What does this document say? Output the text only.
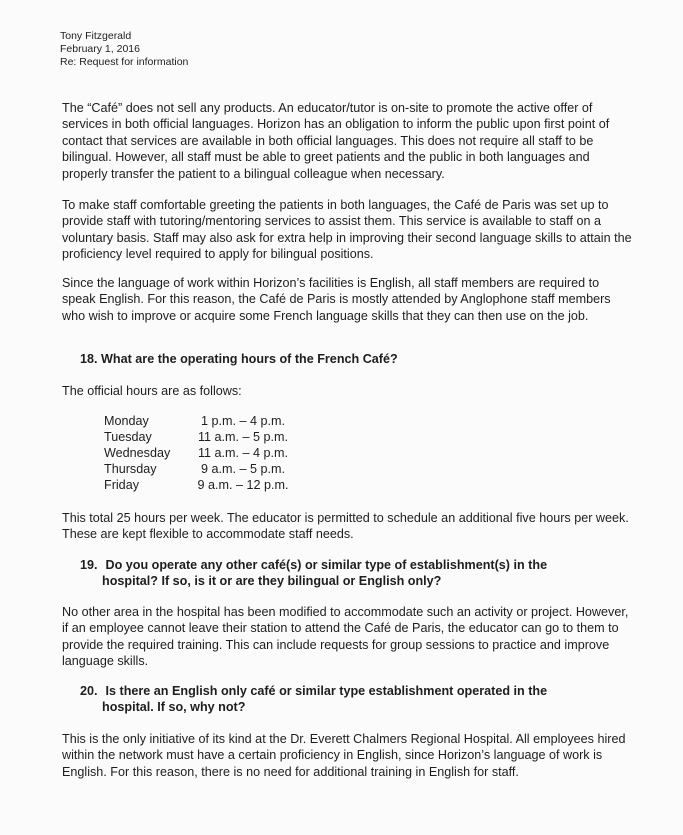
Tony Fitzgerald
February 1, 2016
Re: Request for information

The “Café” does not sell any products. An educator/tutor is on-site to promote the active offer of services in both official languages. Horizon has an obligation to inform the public upon first point of contact that services are available in both official languages. This does not require all staff to be bilingual. However, all staff must be able to greet patients and the public in both languages and properly transfer the patient to a bilingual colleague when necessary.

To make staff comfortable greeting the patients in both languages, the Café de Paris was set up to provide staff with tutoring/mentoring services to assist them. This service is available to staff on a voluntary basis. Staff may also ask for extra help in improving their second language skills to attain the proficiency level required to apply for bilingual positions.

Since the language of work within Horizon’s facilities is English, all staff members are required to speak English. For this reason, the Café de Paris is mostly attended by Anglophone staff members who wish to improve or acquire some French language skills that they can then use on the job.

18. What are the operating hours of the French Café?

The official hours are as follows:

Monday	1 p.m. – 4 p.m.
Tuesday	11 a.m. – 5 p.m.
Wednesday	11 a.m. – 4 p.m.
Thursday	9 a.m. – 5 p.m.
Friday	9 a.m. – 12 p.m.

This total 25 hours per week. The educator is permitted to schedule an additional five hours per week. These are kept flexible to accommodate staff needs.

19. Do you operate any other café(s) or similar type of establishment(s) in the
hospital? If so, is it or are they bilingual or English only?

No other area in the hospital has been modified to accommodate such an activity or project. However, if an employee cannot leave their station to attend the Café de Paris, the educator can go to them to provide the required training. This can include requests for group sessions to practice and improve language skills.

20. Is there an English only café or similar type establishment operated in the
hospital. If so, why not?

This is the only initiative of its kind at the Dr. Everett Chalmers Regional Hospital. All employees hired within the network must have a certain proficiency in English, since Horizon’s language of work is English. For this reason, there is no need for additional training in English for staff.
